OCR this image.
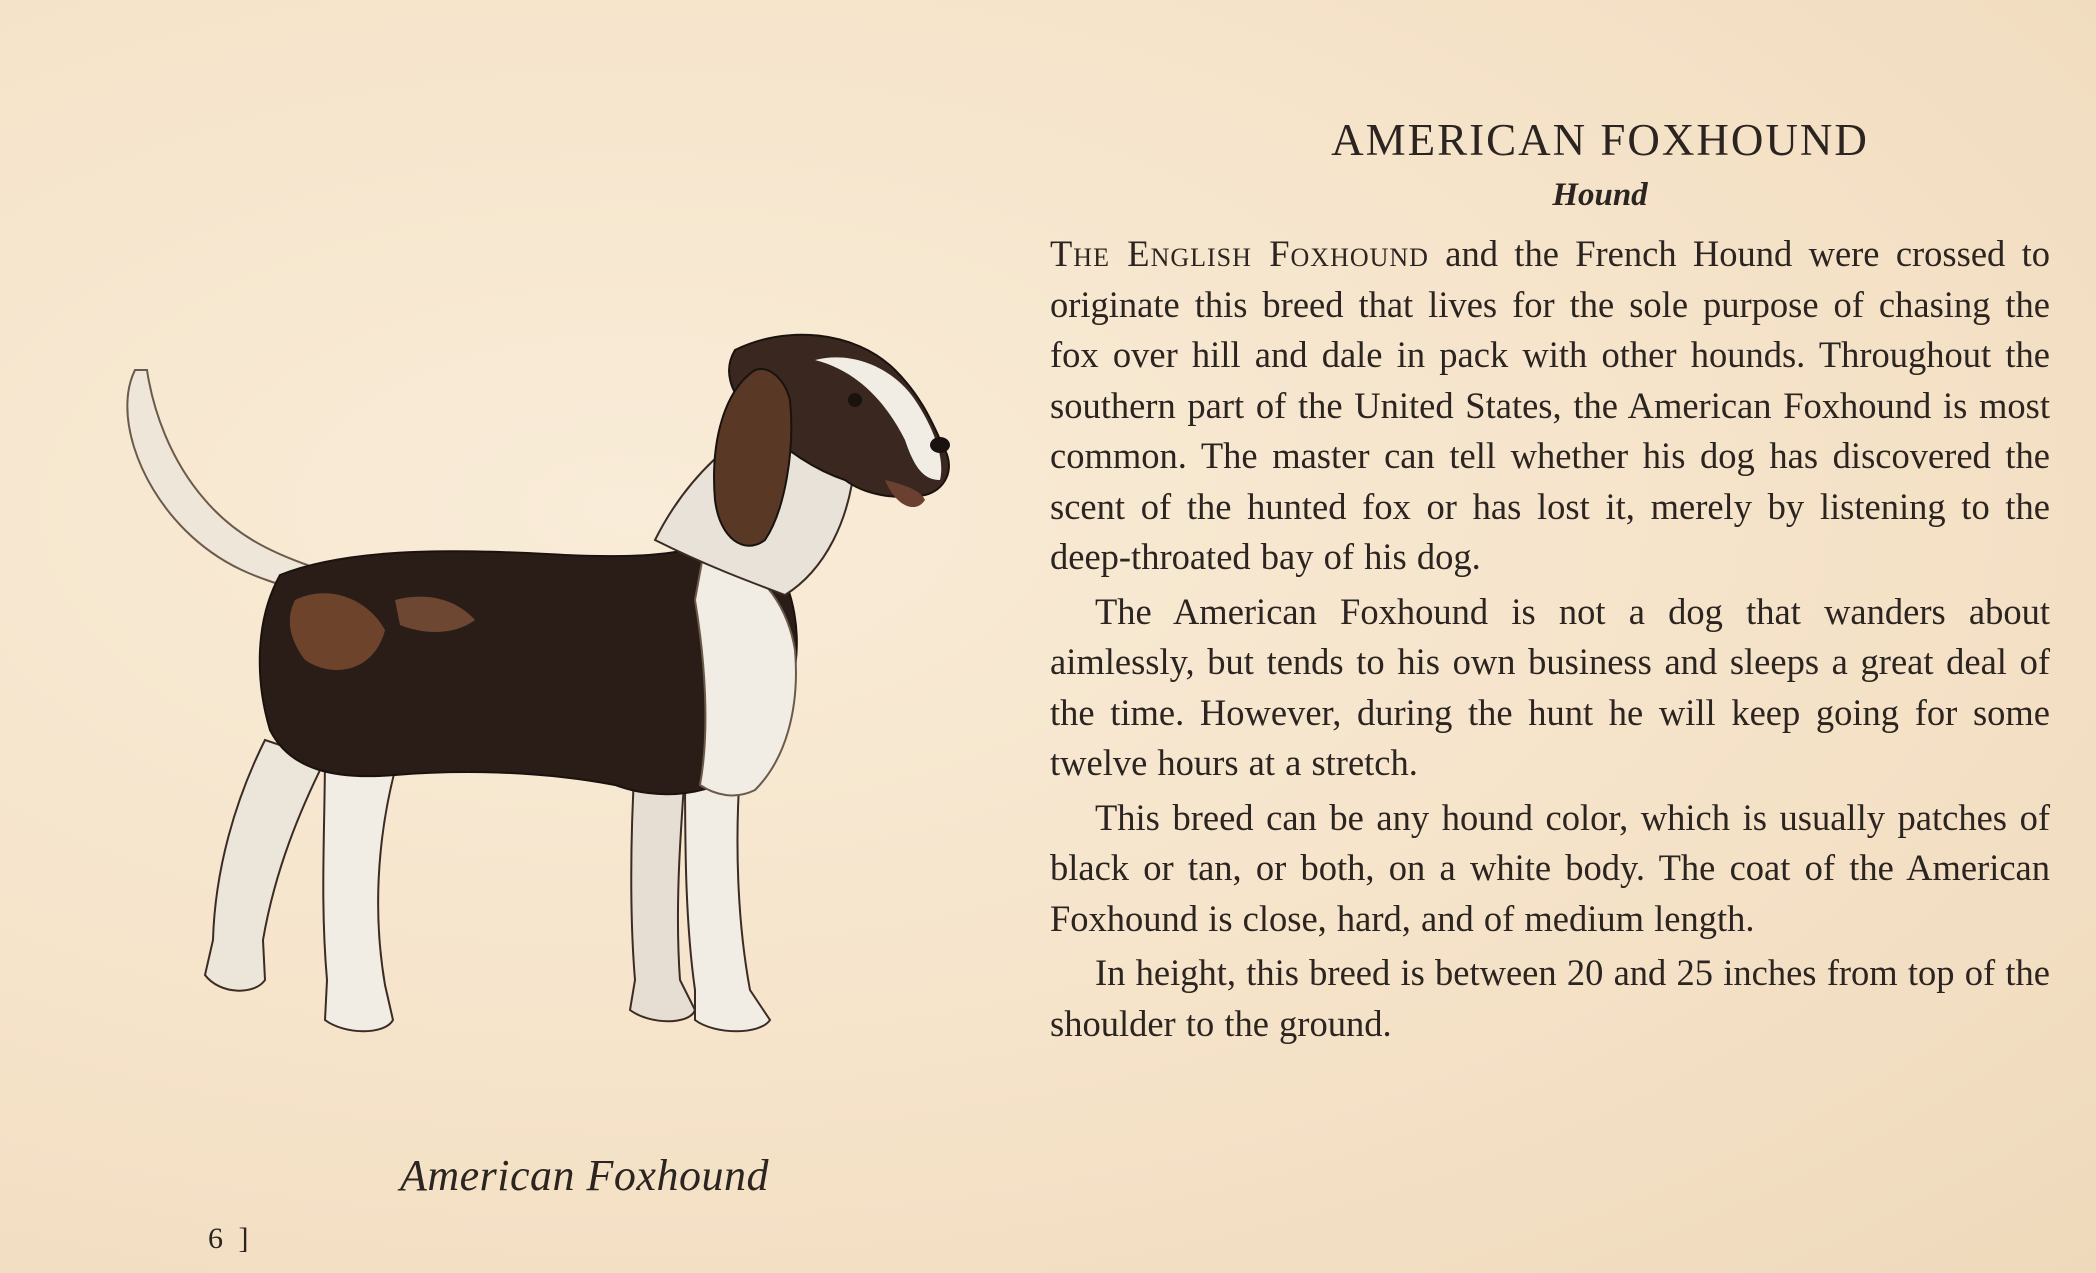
American Foxhound
6 ]
AMERICAN FOXHOUND
Hound

The English Foxhound and the French Hound were crossed to originate this breed that lives for the sole purpose of chasing the fox over hill and dale in pack with other hounds. Throughout the southern part of the United States, the American Foxhound is most common. The master can tell whether his dog has discovered the scent of the hunted fox or has lost it, merely by listening to the deep-throated bay of his dog.

The American Foxhound is not a dog that wanders about aimlessly, but tends to his own business and sleeps a great deal of the time. However, during the hunt he will keep going for some twelve hours at a stretch.

This breed can be any hound color, which is usually patches of black or tan, or both, on a white body. The coat of the American Foxhound is close, hard, and of medium length.

In height, this breed is between 20 and 25 inches from top of the shoulder to the ground.
